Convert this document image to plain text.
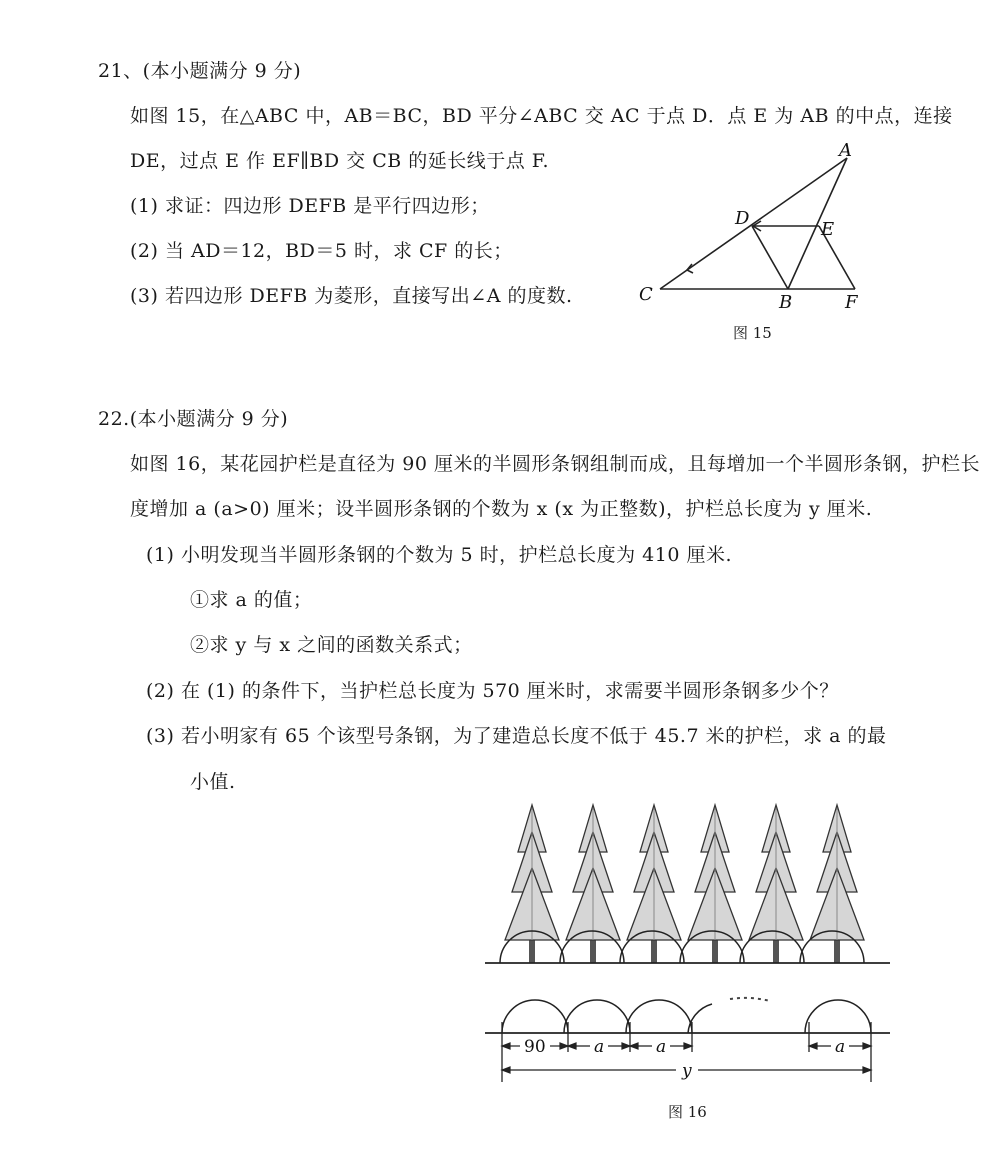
21、(本小题满分 9 分)
如图 15，在△ABC 中，AB＝BC，BD 平分∠ABC 交 AC 于点 D．点 E 为 AB 的中点，连接
DE，过点 E 作 EF∥BD 交 CB 的延长线于点 F.
(1) 求证：四边形 DEFB 是平行四边形；
(2) 当 AD＝12，BD＝5 时，求 CF 的长；
(3) 若四边形 DEFB 为菱形，直接写出∠A 的度数.
A
D
E
C	B	F
图 15
22.(本小题满分 9 分)
如图 16，某花园护栏是直径为 90 厘米的半圆形条钢组制而成，且每增加一个半圆形条钢，护栏长
度增加 a (a>0) 厘米；设半圆形条钢的个数为 x (x 为正整数)，护栏总长度为 y 厘米.
(1) 小明发现当半圆形条钢的个数为 5 时，护栏总长度为 410 厘米.
①求 a 的值；
②求 y 与 x 之间的函数关系式；
(2) 在 (1) 的条件下，当护栏总长度为 570 厘米时，求需要半圆形条钢多少个？
(3) 若小明家有 65 个该型号条钢，为了建造总长度不低于 45.7 米的护栏，求 a 的最
小值.
90	a	a	a
y
图 16
